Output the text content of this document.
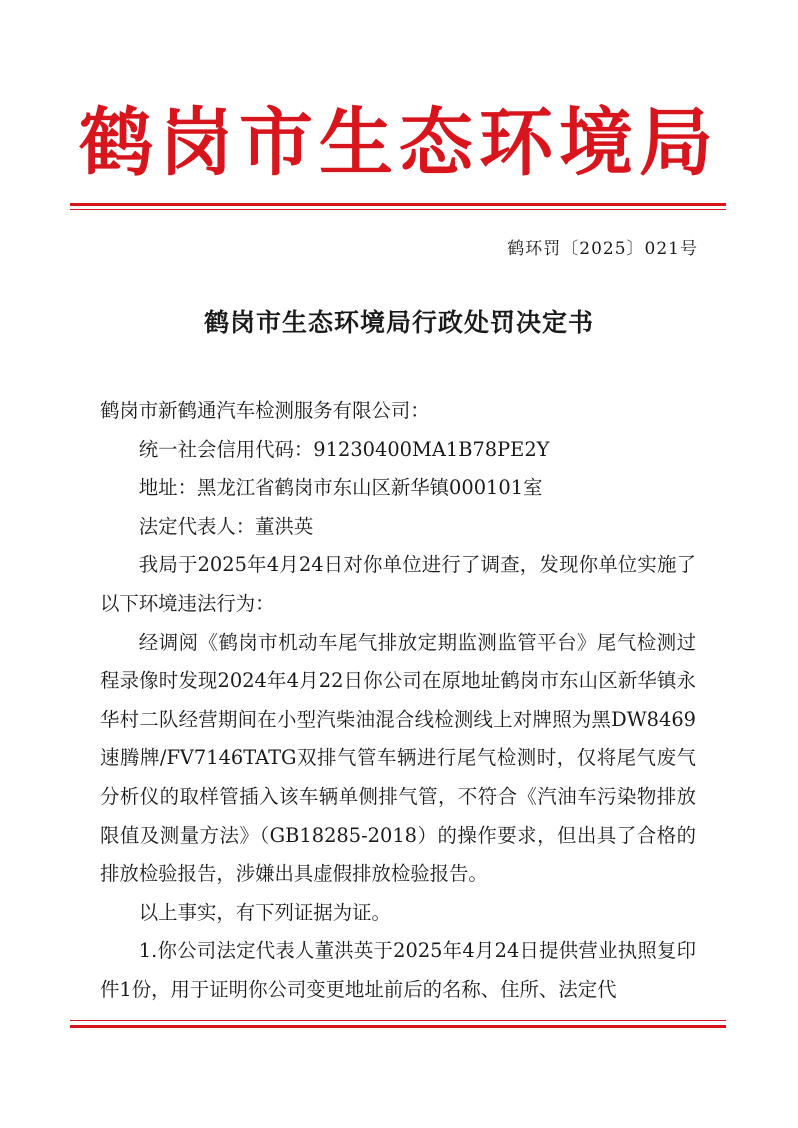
鹤岗市生态环境局
鹤环罚〔2025〕021号
鹤岗市生态环境局行政处罚决定书

鹤岗市新鹤通汽车检测服务有限公司：

统一社会信用代码：91230400MA1B78PE2Y

地址：黑龙江省鹤岗市东山区新华镇000101室

法定代表人：董洪英

我局于2025年4月24日对你单位进行了调查，发现你单位实施了以下环境违法行为：

经调阅《鹤岗市机动车尾气排放定期监测监管平台》尾气检测过程录像时发现2024年4月22日你公司在原地址鹤岗市东山区新华镇永华村二队经营期间在小型汽柴油混合线检测线上对牌照为黑DW8469速腾牌/FV7146TATG双排气管车辆进行尾气检测时，仅将尾气废气分析仪的取样管插入该车辆单侧排气管，不符合《汽油车污染物排放限值及测量方法》（GB18285-2018）的操作要求，但出具了合格的排放检验报告，涉嫌出具虚假排放检验报告。

以上事实，有下列证据为证。

1.你公司法定代表人董洪英于2025年4月24日提供营业执照复印件1份，用于证明你公司变更地址前后的名称、住所、法定代
